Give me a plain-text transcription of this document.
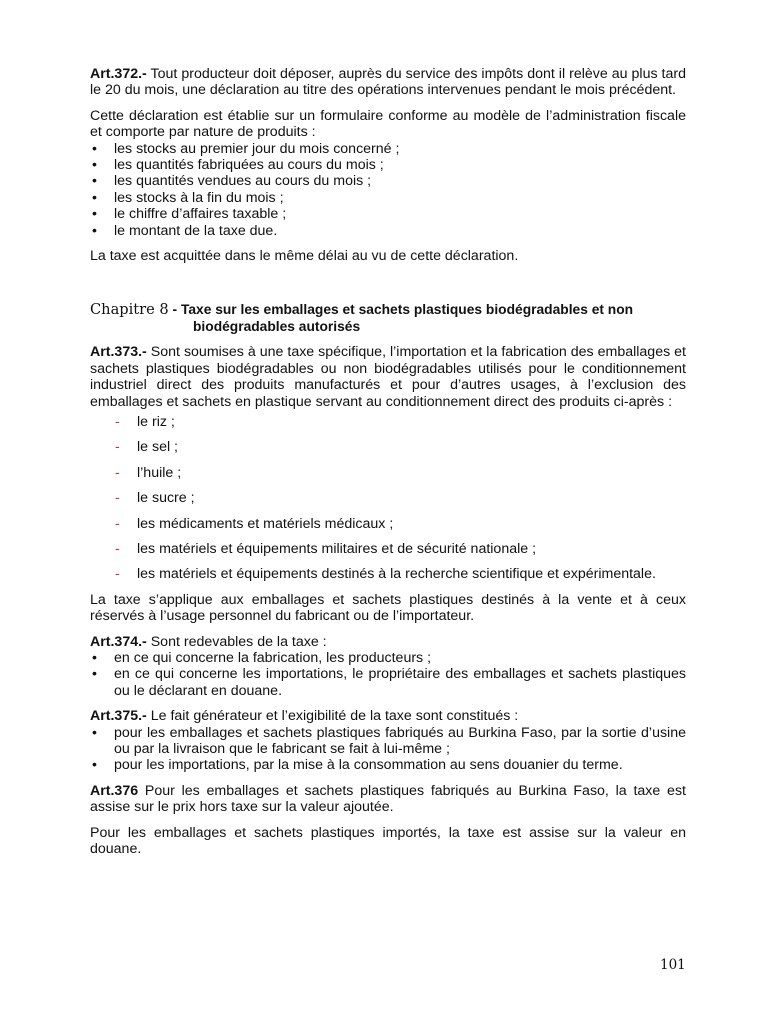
Art.372.- Tout producteur doit déposer, auprès du service des impôts dont il relève au plus tard le 20 du mois, une déclaration au titre des opérations intervenues pendant le mois précédent.

Cette déclaration est établie sur un formulaire conforme au modèle de l’administration fiscale et comporte par nature de produits :

• les stocks au premier jour du mois concerné ;
• les quantités fabriquées au cours du mois ;
• les quantités vendues au cours du mois ;
• les stocks à la fin du mois ;
• le chiffre d’affaires taxable ;
• le montant de la taxe due.

La taxe est acquittée dans le même délai au vu de cette déclaration.

Chapitre 8 - Taxe sur les emballages et sachets plastiques biodégradables et non
biodégradables autorisés

Art.373.- Sont soumises à une taxe spécifique, l’importation et la fabrication des emballages et sachets plastiques biodégradables ou non biodégradables utilisés pour le conditionnement industriel direct des produits manufacturés et pour d’autres usages, à l’exclusion des emballages et sachets en plastique servant au conditionnement direct des produits ci-après :

- le riz ;
- le sel ;
- l’huile ;
- le sucre ;
- les médicaments et matériels médicaux ;
- les matériels et équipements militaires et de sécurité nationale ;
- les matériels et équipements destinés à la recherche scientifique et expérimentale.

La taxe s’applique aux emballages et sachets plastiques destinés à la vente et à ceux réservés à l’usage personnel du fabricant ou de l’importateur.

Art.374.- Sont redevables de la taxe :

• en ce qui concerne la fabrication, les producteurs ;
• en ce qui concerne les importations, le propriétaire des emballages et sachets plastiques ou le déclarant en douane.

Art.375.- Le fait générateur et l’exigibilité de la taxe sont constitués :

• pour les emballages et sachets plastiques fabriqués au Burkina Faso, par la sortie d’usine ou par la livraison que le fabricant se fait à lui-même ;
• pour les importations, par la mise à la consommation au sens douanier du terme.

Art.376 Pour les emballages et sachets plastiques fabriqués au Burkina Faso, la taxe est assise sur le prix hors taxe sur la valeur ajoutée.

Pour les emballages et sachets plastiques importés, la taxe est assise sur la valeur en douane.

101
